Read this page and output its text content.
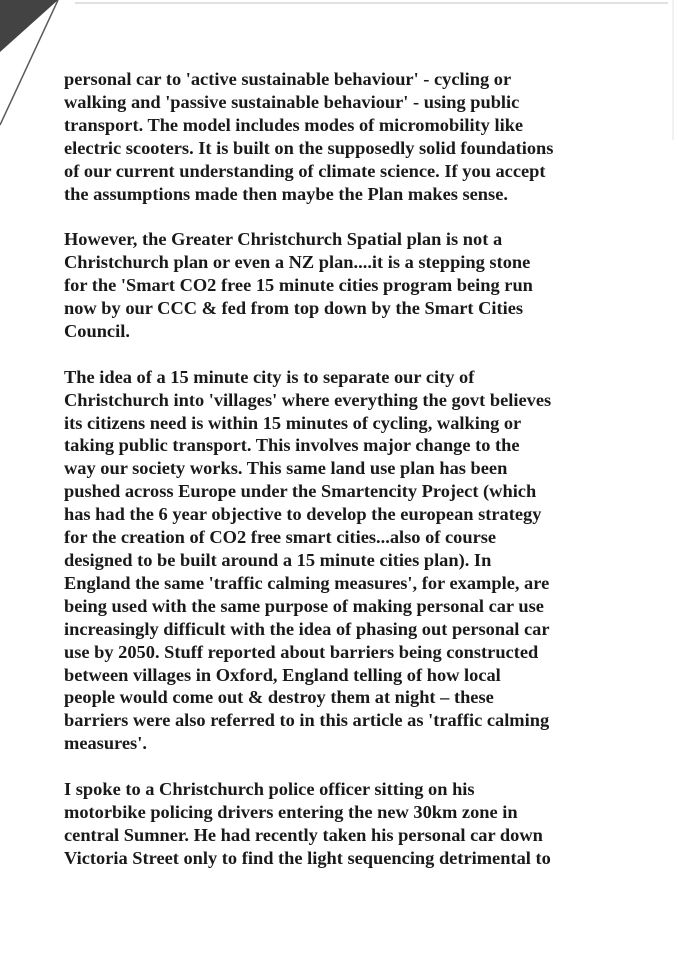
personal car to 'active sustainable behaviour' - cycling or
walking and 'passive sustainable behaviour' - using public
transport. The model includes modes of micromobility like
electric scooters. It is built on the supposedly solid foundations
of our current understanding of climate science. If you accept
the assumptions made then maybe the Plan makes sense.
However, the Greater Christchurch Spatial plan is not a
Christchurch plan or even a NZ plan....it is a stepping stone
for the 'Smart CO2 free 15 minute cities program being run
now by our CCC & fed from top down by the Smart Cities
Council.
The idea of a 15 minute city is to separate our city of
Christchurch into 'villages' where everything the govt believes
its citizens need is within 15 minutes of cycling, walking or
taking public transport. This involves major change to the
way our society works. This same land use plan has been
pushed across Europe under the Smartencity Project (which
has had the 6 year objective to develop the european strategy
for the creation of CO2 free smart cities...also of course
designed to be built around a 15 minute cities plan). In
England the same 'traffic calming measures', for example, are
being used with the same purpose of making personal car use
increasingly difficult with the idea of phasing out personal car
use by 2050. Stuff reported about barriers being constructed
between villages in Oxford, England telling of how local
people would come out & destroy them at night – these
barriers were also referred to in this article as 'traffic calming
measures'.
I spoke to a Christchurch police officer sitting on his
motorbike policing drivers entering the new 30km zone in
central Sumner. He had recently taken his personal car down
Victoria Street only to find the light sequencing detrimental to
